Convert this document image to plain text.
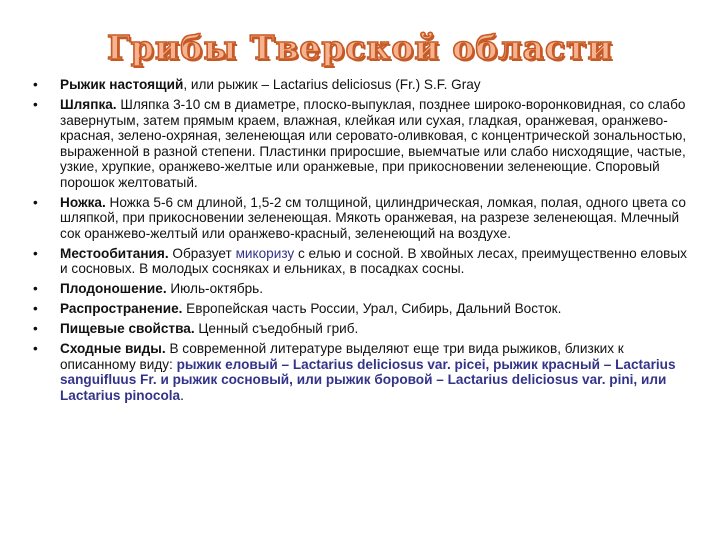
Грибы Тверской области
• Рыжик настоящий, или рыжик – Lactarius deliciosus (Fr.) S.F. Gray
• Шляпка. Шляпка 3-10 см в диаметре, плоско-выпуклая, позднее широко-воронковидная, со слабо завернутым, затем прямым краем, влажная, клейкая или сухая, гладкая, оранжевая, оранжево-красная, зелено-охряная, зеленеющая или серовато-оливковая, с концентрической зональностью, выраженной в разной степени. Пластинки приросшие, выемчатые или слабо нисходящие, частые, узкие, хрупкие, оранжево-желтые или оранжевые, при прикосновении зеленеющие. Споровый порошок желтоватый.
• Ножка. Ножка 5-6 см длиной, 1,5-2 см толщиной, цилиндрическая, ломкая, полая, одного цвета со шляпкой, при прикосновении зеленеющая. Мякоть оранжевая, на разрезе зеленеющая. Млечный сок оранжево-желтый или оранжево-красный, зеленеющий на воздухе.
• Местообитания. Образует микоризу с елью и сосной. В хвойных лесах, преимущественно еловых и сосновых. В молодых сосняках и ельниках, в посадках сосны.
• Плодоношение. Июль-октябрь.
• Распространение. Европейская часть России, Урал, Сибирь, Дальний Восток.
• Пищевые свойства. Ценный съедобный гриб.
• Сходные виды. В современной литературе выделяют еще три вида рыжиков, близких к описанному виду: рыжик еловый – Lactarius deliciosus var. picei, рыжик красный – Lactarius sanguifluus Fr. и рыжик сосновый, или рыжик боровой – Lactarius deliciosus var. pini, или Lactarius pinocola.
